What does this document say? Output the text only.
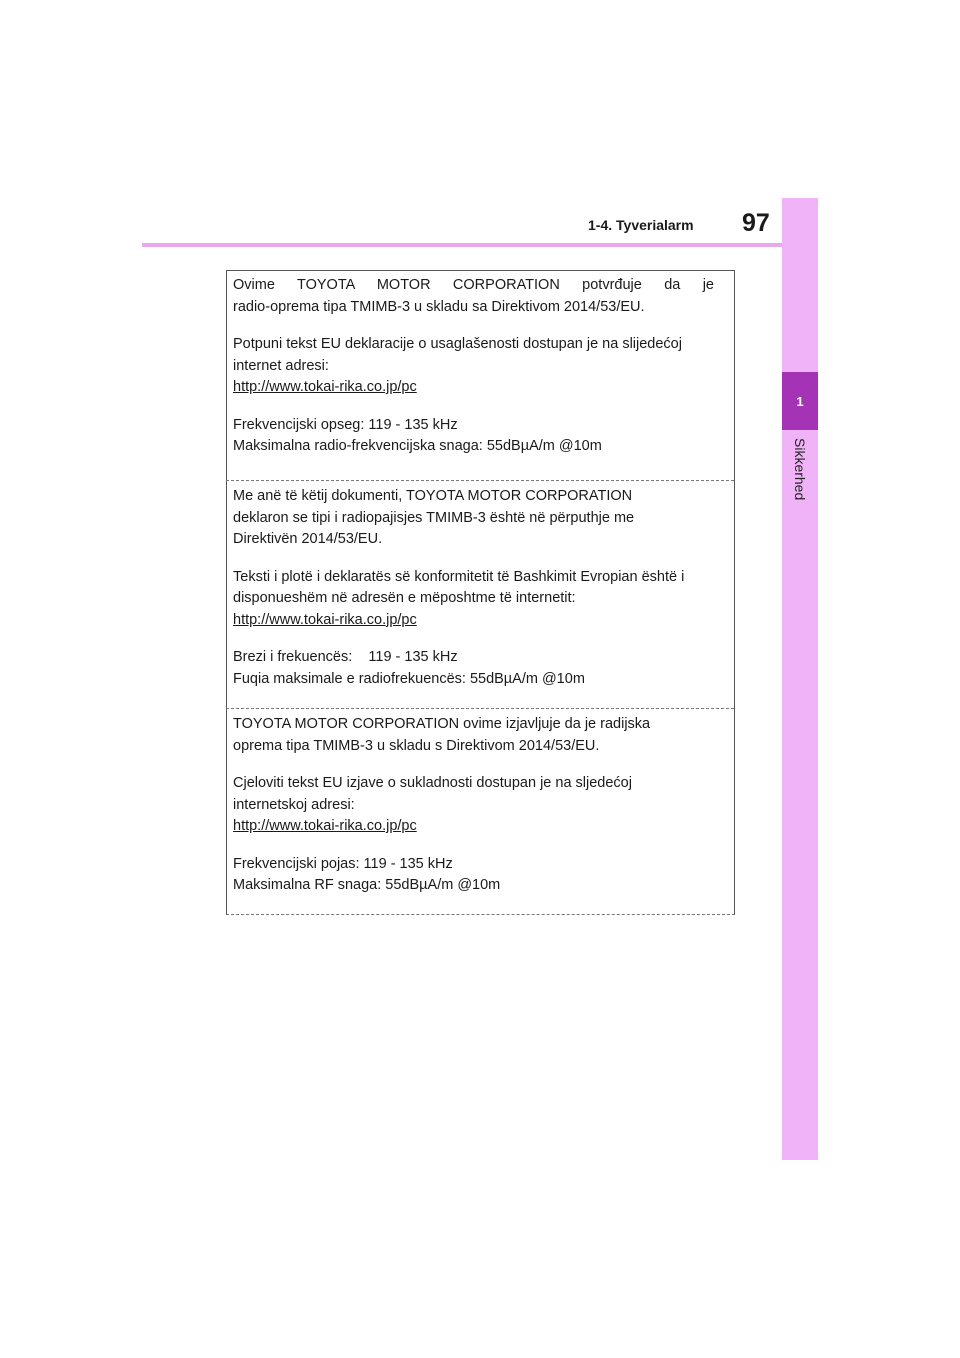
1-4. Tyverialarm 97
1
Sikkerhed

Ovime TOYOTA MOTOR CORPORATION potvrđuje da je

radio-oprema tipa TMIMB-3 u skladu sa Direktivom 2014/53/EU.

Potpuni tekst EU deklaracije o usaglašenosti dostupan je na slijedećoj

internet adresi:

http://www.tokai-rika.co.jp/pc

Frekvencijski opseg: 119 - 135 kHz

Maksimalna radio-frekvencijska snaga: 55dBµA/m @10m

Me anë të këtij dokumenti, TOYOTA MOTOR CORPORATION

deklaron se tipi i radiopajisjes TMIMB-3 është në përputhje me

Direktivën 2014/53/EU.

Teksti i plotë i deklaratës së konformitetit të Bashkimit Evropian është i

disponueshëm në adresën e mëposhtme të internetit:

http://www.tokai-rika.co.jp/pc

Brezi i frekuencës:    119 - 135 kHz

Fuqia maksimale e radiofrekuencës: 55dBµA/m @10m

TOYOTA MOTOR CORPORATION ovime izjavljuje da je radijska

oprema tipa TMIMB-3 u skladu s Direktivom 2014/53/EU.

Cjeloviti tekst EU izjave o sukladnosti dostupan je na sljedećoj

internetskoj adresi:

http://www.tokai-rika.co.jp/pc

Frekvencijski pojas: 119 - 135 kHz

Maksimalna RF snaga: 55dBµA/m @10m
